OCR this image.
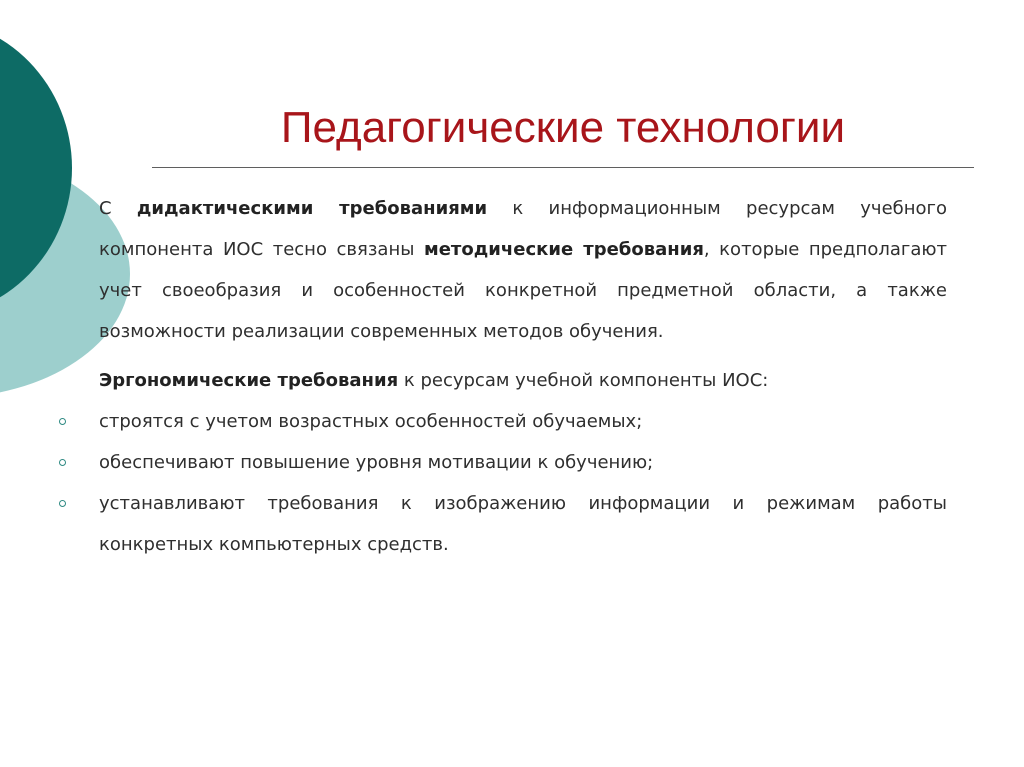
Педагогические технологии

С дидактическими требованиями к информационным ресурсам учебного компонента ИОС тесно связаны методические требования, которые предполагают учет своеобразия и особенностей конкретной предметной области, а также возможности реализации современных методов обучения.

Эргономические требования к ресурсам учебной компоненты ИОС:

строятся с учетом возрастных особенностей обучаемых;
обеспечивают повышение уровня мотивации к обучению;
устанавливают требования к изображению информации и режимам работы конкретных компьютерных средств.
